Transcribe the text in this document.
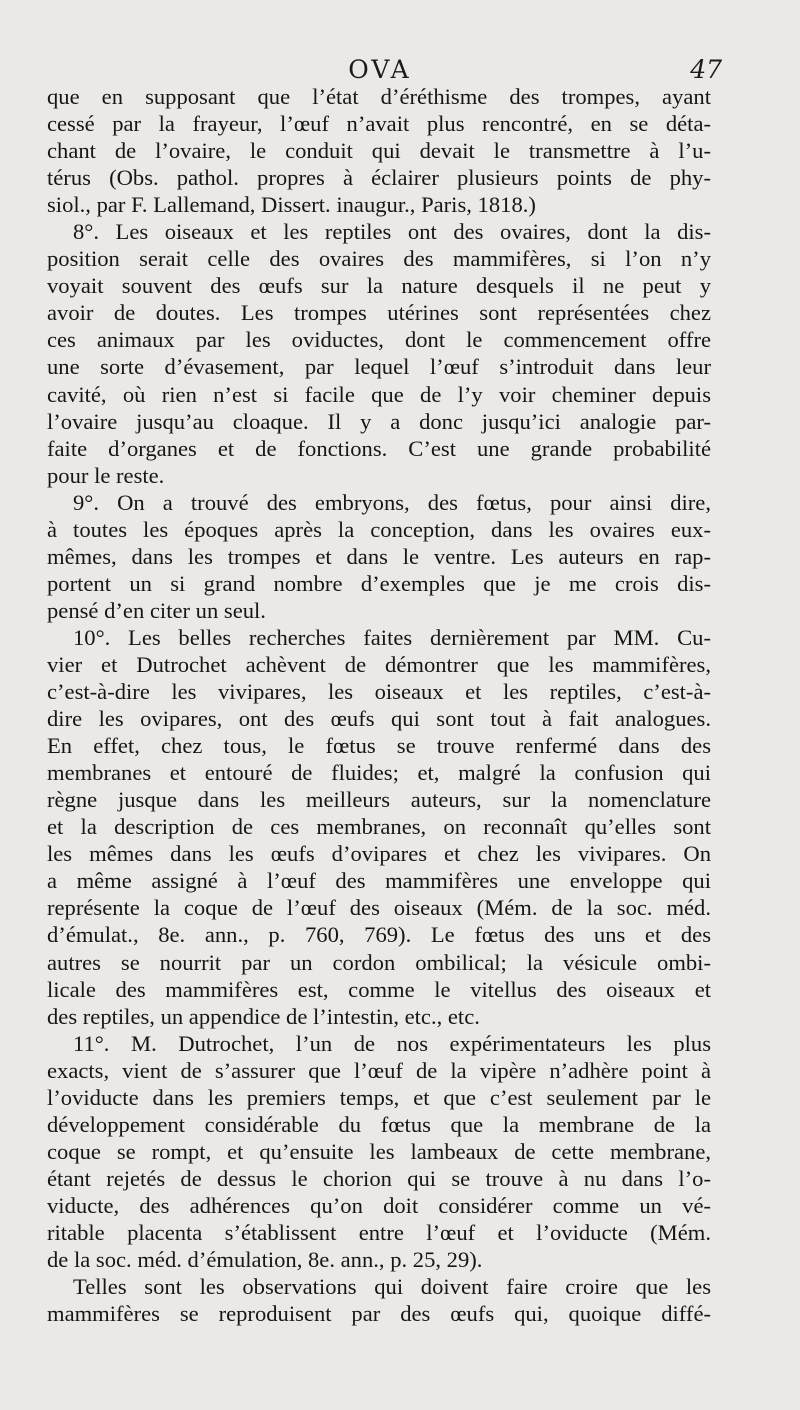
OVA	47
que en supposant que l’état d’éréthisme des trompes, ayant
cessé par la frayeur, l’œuf n’avait plus rencontré, en se déta-
chant de l’ovaire, le conduit qui devait le transmettre à l’u-
térus (Obs. pathol. propres à éclairer plusieurs points de phy-
siol., par F. Lallemand, Dissert. inaugur., Paris, 1818.)
8°. Les oiseaux et les reptiles ont des ovaires, dont la dis-
position serait celle des ovaires des mammifères, si l’on n’y
voyait souvent des œufs sur la nature desquels il ne peut y
avoir de doutes. Les trompes utérines sont représentées chez
ces animaux par les oviductes, dont le commencement offre
une sorte d’évasement, par lequel l’œuf s’introduit dans leur
cavité, où rien n’est si facile que de l’y voir cheminer depuis
l’ovaire jusqu’au cloaque. Il y a donc jusqu’ici analogie par-
faite d’organes et de fonctions. C’est une grande probabilité
pour le reste.
9°. On a trouvé des embryons, des fœtus, pour ainsi dire,
à toutes les époques après la conception, dans les ovaires eux-
mêmes, dans les trompes et dans le ventre. Les auteurs en rap-
portent un si grand nombre d’exemples que je me crois dis-
pensé d’en citer un seul.
10°. Les belles recherches faites dernièrement par MM. Cu-
vier et Dutrochet achèvent de démontrer que les mammifères,
c’est-à-dire les vivipares, les oiseaux et les reptiles, c’est-à-
dire les ovipares, ont des œufs qui sont tout à fait analogues.
En effet, chez tous, le fœtus se trouve renfermé dans des
membranes et entouré de fluides; et, malgré la confusion qui
règne jusque dans les meilleurs auteurs, sur la nomenclature
et la description de ces membranes, on reconnaît qu’elles sont
les mêmes dans les œufs d’ovipares et chez les vivipares. On
a même assigné à l’œuf des mammifères une enveloppe qui
représente la coque de l’œuf des oiseaux (Mém. de la soc. méd.
d’émulat., 8e. ann., p. 760, 769). Le fœtus des uns et des
autres se nourrit par un cordon ombilical; la vésicule ombi-
licale des mammifères est, comme le vitellus des oiseaux et
des reptiles, un appendice de l’intestin, etc., etc.
11°. M. Dutrochet, l’un de nos expérimentateurs les plus
exacts, vient de s’assurer que l’œuf de la vipère n’adhère point à
l’oviducte dans les premiers temps, et que c’est seulement par le
développement considérable du fœtus que la membrane de la
coque se rompt, et qu’ensuite les lambeaux de cette membrane,
étant rejetés de dessus le chorion qui se trouve à nu dans l’o-
viducte, des adhérences qu’on doit considérer comme un vé-
ritable placenta s’établissent entre l’œuf et l’oviducte (Mém.
de la soc. méd. d’émulation, 8e. ann., p. 25, 29).
Telles sont les observations qui doivent faire croire que les
mammifères se reproduisent par des œufs qui, quoique diffé-
